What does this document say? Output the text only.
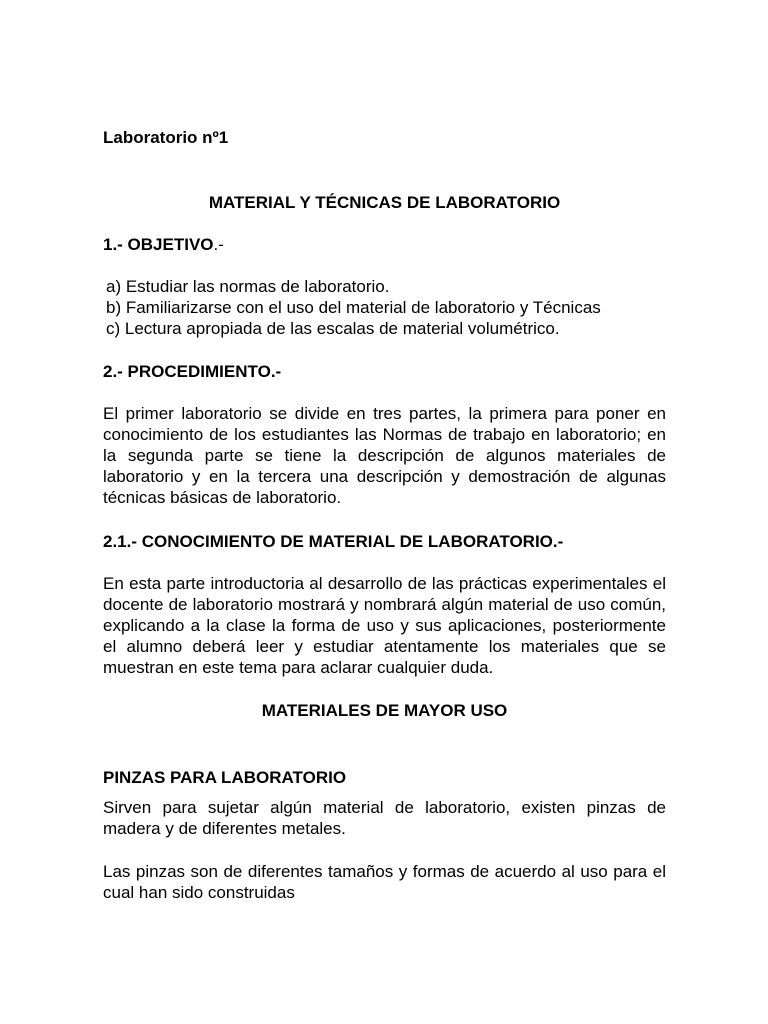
Laboratorio nº1
MATERIAL Y TÉCNICAS DE LABORATORIO
1.- OBJETIVO.-
a) Estudiar las normas de laboratorio.
b) Familiarizarse con el uso del material de laboratorio y Técnicas
c) Lectura apropiada de las escalas de material volumétrico.
2.- PROCEDIMIENTO.-
El primer laboratorio se divide en tres partes, la primera para poner en conocimiento de los estudiantes las Normas de trabajo en laboratorio; en la segunda parte se tiene la descripción de algunos materiales de laboratorio y en la tercera una descripción y demostración de algunas técnicas básicas de laboratorio.
2.1.- CONOCIMIENTO DE MATERIAL DE LABORATORIO.-
En esta parte introductoria al desarrollo de las prácticas experimentales el docente de laboratorio mostrará y nombrará algún material de uso común, explicando a la clase la forma de uso y sus aplicaciones, posteriormente el alumno deberá leer y estudiar atentamente los materiales que se muestran en este tema para aclarar cualquier duda.
MATERIALES DE MAYOR USO
PINZAS PARA LABORATORIO
Sirven para sujetar algún material de laboratorio, existen pinzas de madera y de diferentes metales.
Las pinzas son de diferentes tamaños y formas de acuerdo al uso para el cual han sido construidas
